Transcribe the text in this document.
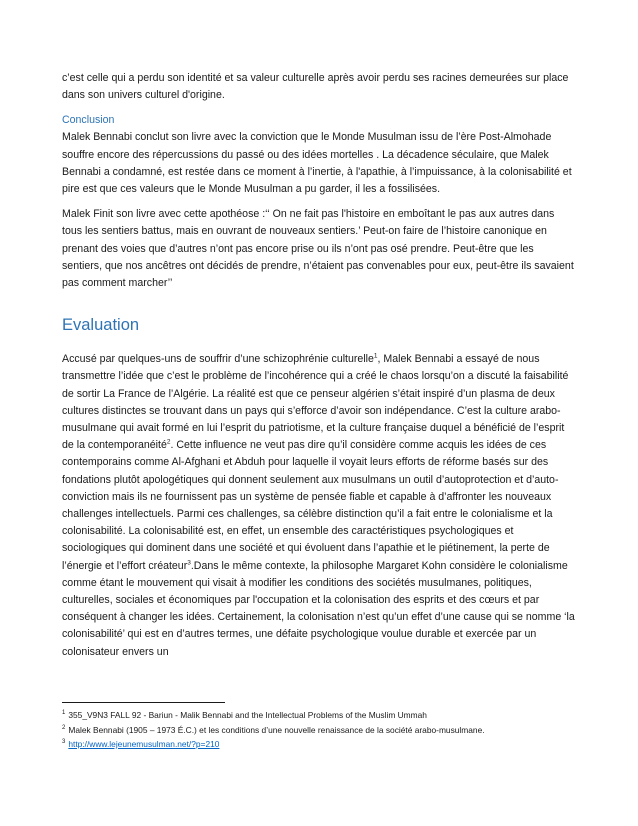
c’est celle qui a perdu son identité et sa valeur culturelle après avoir perdu ses racines demeurées sur place dans son univers culturel d'origine.

Conclusion

Malek Bennabi conclut son livre avec la conviction que le Monde Musulman issu de l’ère Post-Almohade souffre encore des répercussions du passé ou des idées mortelles . La décadence séculaire, que Malek Bennabi a condamné, est restée dans ce moment à l’inertie, à l'apathie, à l’impuissance, à la colonisabilité et pire est que ces valeurs que le Monde Musulman a pu garder, il les a fossilisées.

Malek Finit son livre avec cette apothéose :‘‘ On ne fait pas l'histoire en emboîtant le pas aux autres dans tous les sentiers battus, mais en ouvrant de nouveaux sentiers.’ Peut-on faire de l’histoire canonique en prenant des voies que d’autres n’ont pas encore prise ou ils n’ont pas osé prendre. Peut-être que les sentiers, que nos ancêtres ont décidés de prendre, n’étaient pas convenables pour eux, peut-être ils savaient pas comment marcher’’

Evaluation

Accusé par quelques-uns de souffrir d’une schizophrénie culturelle$^1$, Malek Bennabi a essayé de nous transmettre l’idée que c’est le problème de l’incohérence qui a créé le chaos lorsqu’on a discuté la faisabilité de sortir La France de l’Algérie. La réalité est que ce penseur algérien s’était inspiré d’un plasma de deux cultures distinctes se trouvant dans un pays qui s’efforce d’avoir son indépendance. C’est la culture arabo-musulmane qui avait formé en lui l’esprit du patriotisme, et la culture française duquel a bénéficié de l’esprit de la contemporanéité$^2$. Cette influence ne veut pas dire qu’il considère comme acquis les idées de ces contemporains comme Al-Afghani et Abduh pour laquelle il voyait leurs efforts de réforme basés sur des fondations plutôt apologétiques qui donnent seulement aux musulmans un outil d’autoprotection et d’auto-conviction mais ils ne fournissent pas un système de pensée fiable et capable à d’affronter les nouveaux challenges intellectuels. Parmi ces challenges, sa célèbre distinction qu’il a fait entre le colonialisme et la colonisabilité. La colonisabilité est, en effet, un ensemble des caractéristiques psychologiques et sociologiques qui dominent dans une société et qui évoluent dans l’apathie et le piétinement, la perte de l’énergie et l’effort créateur$^3$.Dans le même contexte, la philosophe Margaret Kohn considère le colonialisme comme étant le mouvement qui visait à modifier les conditions des sociétés musulmanes, politiques, culturelles, sociales et économiques par l'occupation et la colonisation des esprits et des cœurs et par conséquent à changer les idées. Certainement, la colonisation n’est qu’un effet d’une cause qui se nomme ‘la colonisabilité’ qui est en d’autres termes, une défaite psychologique voulue durable et exercée par un colonisateur envers un

$^1$ 355_V9N3 FALL 92 - Bariun - Malik Bennabi and the Intellectual Problems of the Muslim Ummah

$^2$ Malek Bennabi (1905 – 1973 É.C.) et les conditions d’une nouvelle renaissance de la société arabo-musulmane.

$^3$ http://www.lejeunemusulman.net/?p=210
